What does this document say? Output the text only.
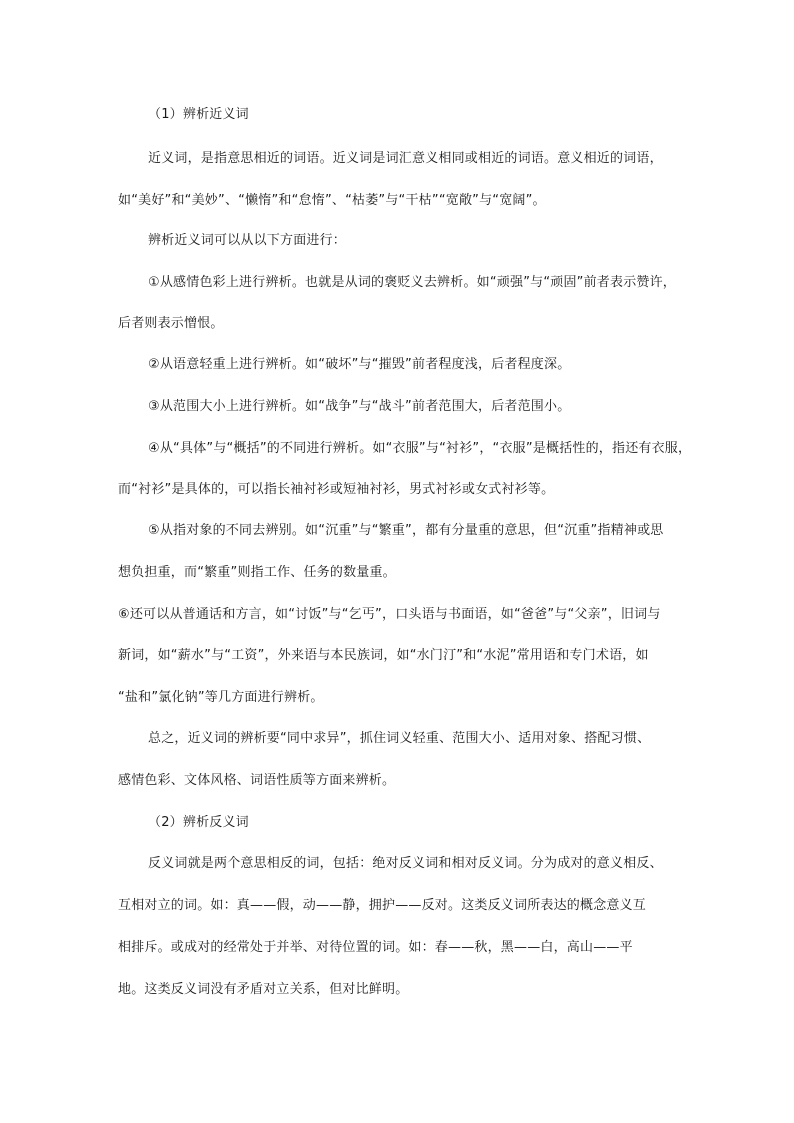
（1）辨析近义词
近义词，是指意思相近的词语。近义词是词汇意义相同或相近的词语。意义相近的词语，
如“美好”和“美妙”、“懒惰”和“怠惰”、“枯萎”与“干枯”“宽敞”与“宽阔”。
辨析近义词可以从以下方面进行：
①从感情色彩上进行辨析。也就是从词的褒贬义去辨析。如“顽强”与“顽固”前者表示赞许，
后者则表示憎恨。
②从语意轻重上进行辨析。如“破坏”与“摧毁”前者程度浅，后者程度深。
③从范围大小上进行辨析。如“战争”与“战斗”前者范围大，后者范围小。
④从“具体”与“概括”的不同进行辨析。如“衣服”与“衬衫”，“衣服”是概括性的，指还有衣服，
而“衬衫”是具体的，可以指长袖衬衫或短袖衬衫，男式衬衫或女式衬衫等。
⑤从指对象的不同去辨别。如“沉重”与“繁重”，都有分量重的意思，但“沉重”指精神或思
想负担重，而“繁重”则指工作、任务的数量重。
⑥还可以从普通话和方言，如“讨饭”与“乞丐”，口头语与书面语，如“爸爸”与“父亲”，旧词与
新词，如“薪水”与“工资”，外来语与本民族词，如“水门汀”和“水泥”常用语和专门术语，如
“盐和”氯化钠”等几方面进行辨析。
总之，近义词的辨析要“同中求异”，抓住词义轻重、范围大小、适用对象、搭配习惯、
感情色彩、文体风格、词语性质等方面来辨析。
（2）辨析反义词
反义词就是两个意思相反的词，包括：绝对反义词和相对反义词。分为成对的意义相反、
互相对立的词。如：真——假，动——静，拥护——反对。这类反义词所表达的概念意义互
相排斥。或成对的经常处于并举、对待位置的词。如：春——秋，黑——白，高山——平
地。这类反义词没有矛盾对立关系，但对比鲜明。
